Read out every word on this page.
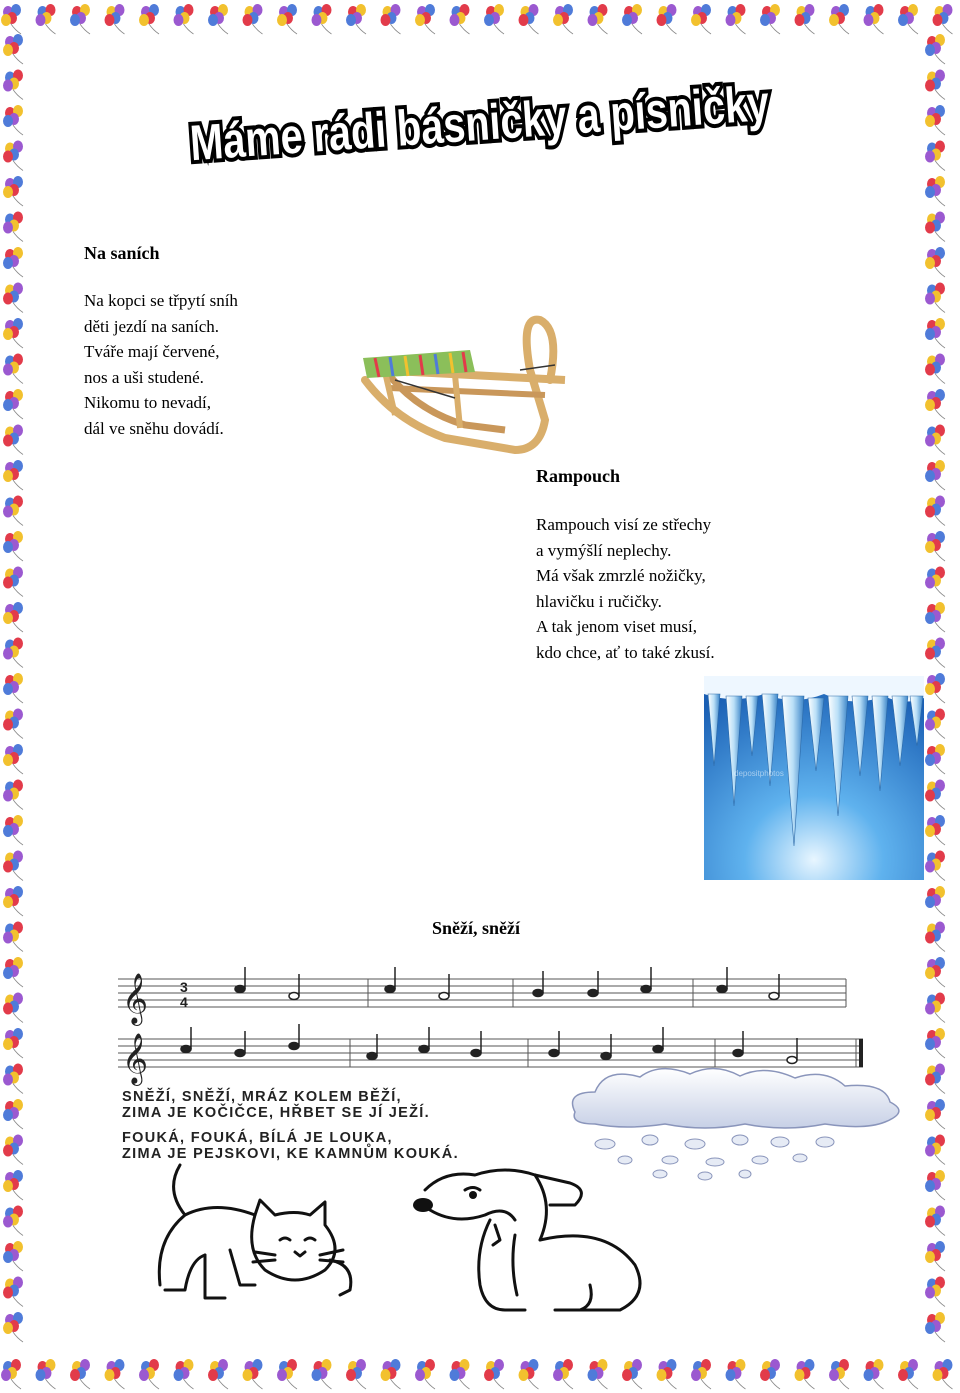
Máme rádi básničky a písničky
Na saních
Na kopci se třpytí sníh
děti jezdí na saních.
Tváře mají červené,
nos a uši studené.
Nikomu to nevadí,
dál ve sněhu dovádí.
Rampouch
Rampouch visí ze střechy
a vymýšlí neplechy.
Má však zmrzlé nožičky,
hlavičku i ručičky.
A tak jenom viset musí,
kdo chce, ať to také zkusí.
depositphotos
Sněží, sněží
𝄞 3
4
𝄞
SNĚŽÍ, SNĚŽÍ, MRÁZ KOLEM BĚŽÍ,
ZIMA JE KOČIČCE, HŘBET SE JÍ JEŽÍ.
FOUKÁ, FOUKÁ, BÍLÁ JE LOUKA,
ZIMA JE PEJSKOVI, KE KAMNŮM KOUKÁ.
